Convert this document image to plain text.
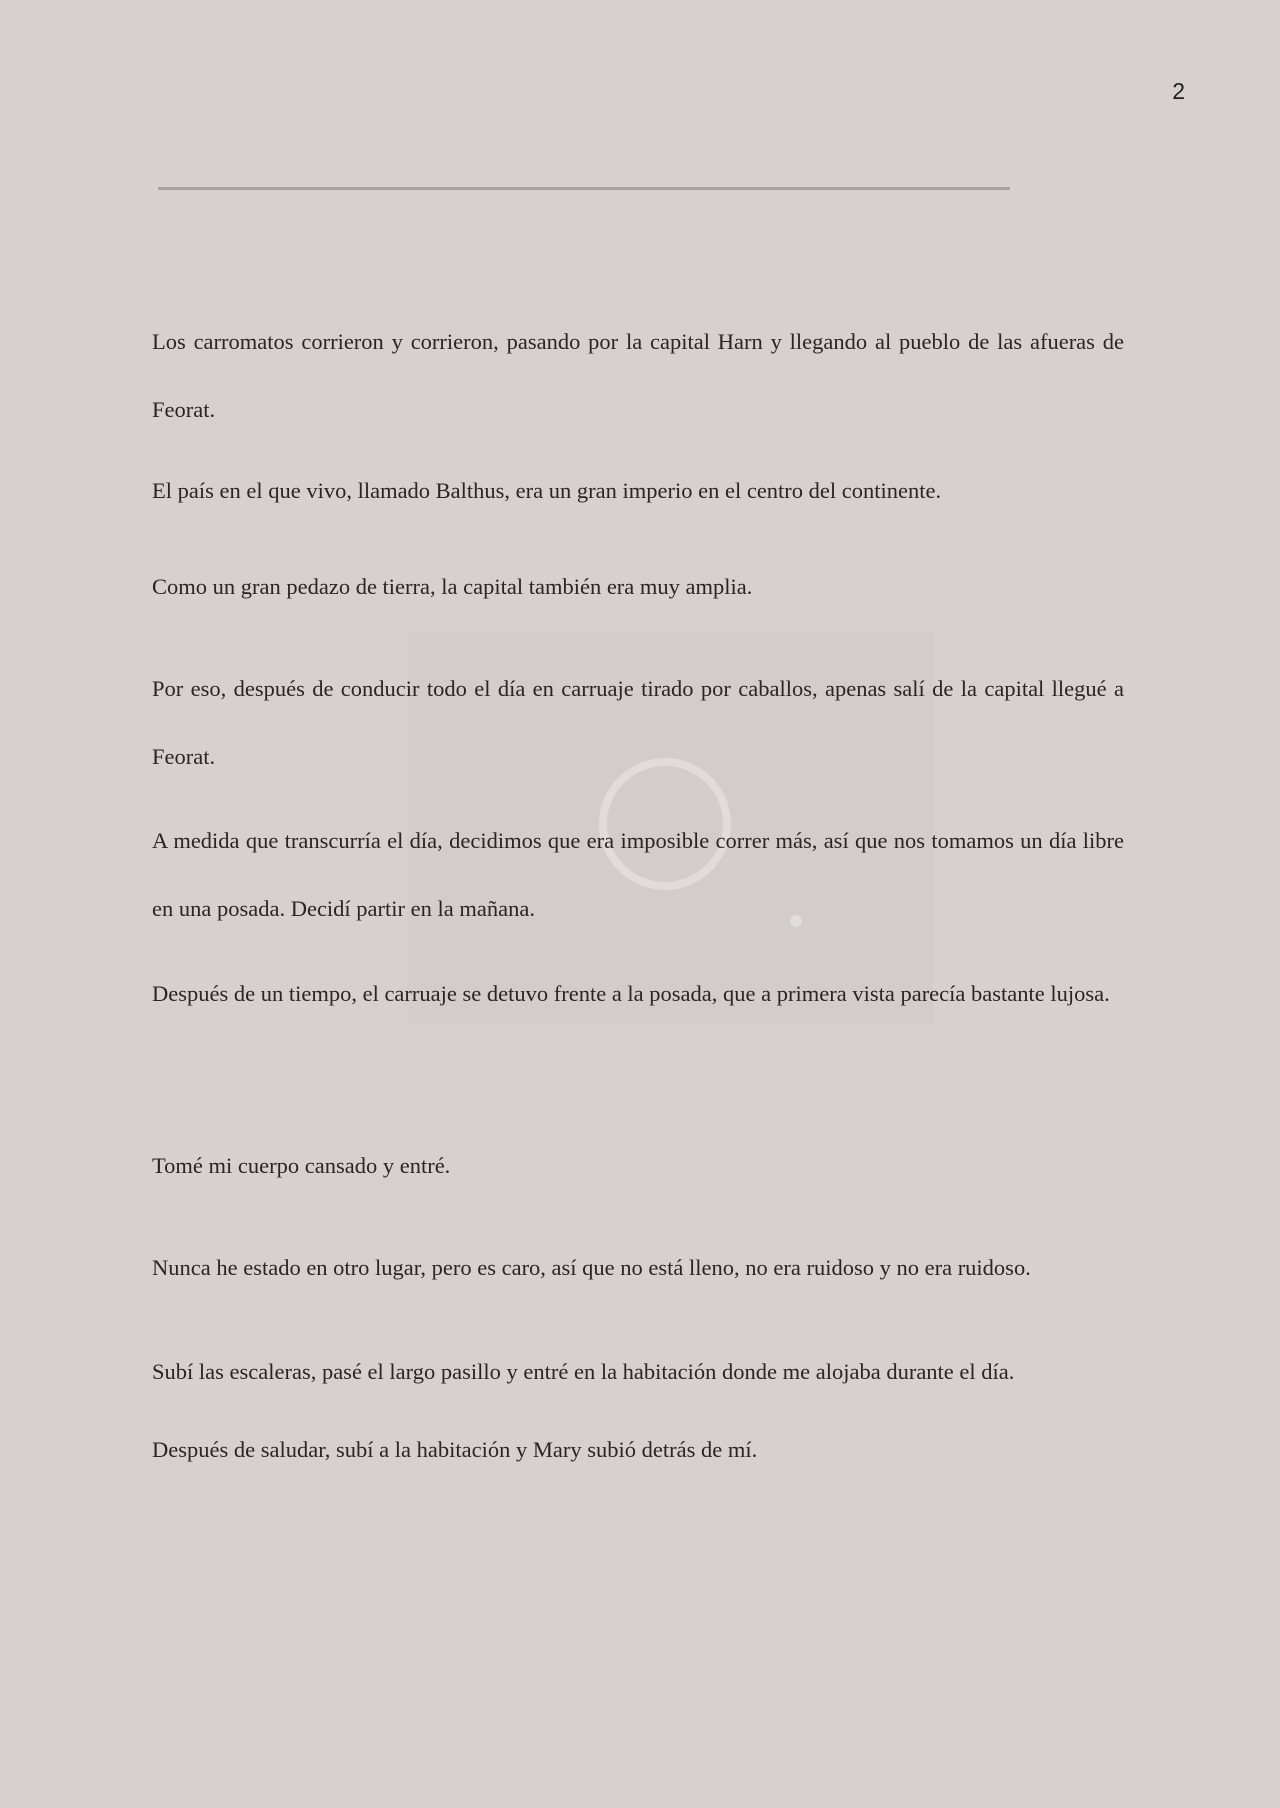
2

Los carromatos corrieron y corrieron, pasando por la capital Harn y llegando al pueblo de las afueras de Feorat.

El país en el que vivo, llamado Balthus, era un gran imperio en el centro del continente.

Como un gran pedazo de tierra, la capital también era muy amplia.

Por eso, después de conducir todo el día en carruaje tirado por caballos, apenas salí de la capital llegué a Feorat.

A medida que transcurría el día, decidimos que era imposible correr más, así que nos tomamos un día libre en una posada. Decidí partir en la mañana.

Después de un tiempo, el carruaje se detuvo frente a la posada, que a primera vista parecía bastante lujosa.

Tomé mi cuerpo cansado y entré.

Nunca he estado en otro lugar, pero es caro, así que no está lleno, no era ruidoso y no era ruidoso.

Subí las escaleras, pasé el largo pasillo y entré en la habitación donde me alojaba durante el día.

Después de saludar, subí a la habitación y Mary subió detrás de mí.
